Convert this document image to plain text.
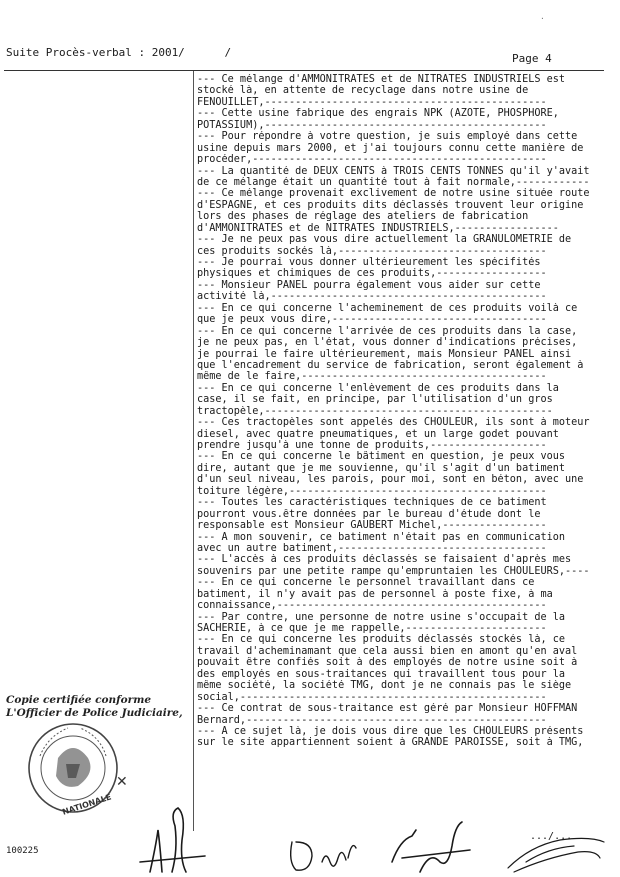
·
Suite Procès-verbal : 2001/      /	Page 4
--- Ce mélange d'AMMONITRATES et de NITRATES INDUSTRIELS est
stocké là, en attente de recyclage dans notre usine de
FENOUILLET,----------------------------------------------
--- Cette usine fabrique des engrais NPK (AZOTE, PHOSPHORE,
POTASSIUM),----------------------------------------------
--- Pour répondre à votre question, je suis employé dans cette
usine depuis mars 2000, et j'ai toujours connu cette manière de
procéder,------------------------------------------------
--- La quantité de DEUX CENTS à TROIS CENTS TONNES qu'il y'avait
de ce mélange était un quantité tout à fait normale,------------
--- Ce mélange provenait exclivement de notre usine située route
d'ESPAGNE, et ces produits dits déclassés trouvent leur origine
lors des phases de réglage des ateliers de fabrication
d'AMMONITRATES et de NITRATES INDUSTRIELS,-----------------
--- Je ne peux pas vous dire actuellement la GRANULOMETRIE de
ces produits sockés là,----------------------------------
--- Je pourrai vous donner ultérieurement les spécifités
physiques et chimiques de ces produits,------------------
--- Monsieur PANEL pourra également vous aider sur cette
activité là,---------------------------------------------
--- En ce qui concerne l'acheminement de ces produits voilà ce
que je peux vous dire,-----------------------------------
--- En ce qui concerne l'arrivée de ces produits dans la case,
je ne peux pas, en l'état, vous donner d'indications précises,
je pourrai le faire ultérieurement, mais Monsieur PANEL ainsi
que l'encadrement du service de fabrication, seront également à
même de le faire,----------------------------------------
--- En ce qui concerne l'enlèvement de ces produits dans la
case, il se fait, en principe, par l'utilisation d'un gros
tractopèle,-----------------------------------------------
--- Ces tractopèles sont appelés des CHOULEUR, ils sont à moteur
diesel, avec quatre pneumatiques, et un large godet pouvant
prendre jusqu'à une tonne de produits,-------------------
--- En ce qui concerne le bâtiment en question, je peux vous
dire, autant que je me souvienne, qu'il s'agit d'un batiment
d'un seul niveau, les parois, pour moi, sont en béton, avec une
toiture légère,------------------------------------------
--- Toutes les caractéristiques techniques de ce batiment
pourront vous.être données par le bureau d'étude dont le
responsable est Monsieur GAUBERT Michel,-----------------
--- A mon souvenir, ce batiment n'était pas en communication
avec un autre batiment,----------------------------------
--- L'accès à ces produits déclassés se faisaient d'après mes
souvenirs par une petite rampe qu'empruntaien les CHOULEURS,----
--- En ce qui concerne le personnel travaillant dans ce
batiment, il n'y avait pas de personnel à poste fixe, à ma
connaissance,--------------------------------------------
--- Par contre, une personne de notre usine s'occupait de la
SACHERIE, à ce que je me rappelle,-----------------------
--- En ce qui concerne les produits déclassés stockés là, ce
travail d'acheminamant que cela aussi bien en amont qu'en aval
pouvait être confiés soit à des employés de notre usine soit à
des employés en sous-traitances qui travaillent tous pour la
même société, la société TMG, dont je ne connais pas le siège
social,--------------------------------------------------
--- Ce contrat de sous-traitance est géré par Monsieur HOFFMAN
Bernard,-------------------------------------------------
--- A ce sujet là, je dois vous dire que les CHOULEURS présents
sur le site appartiennent soient à GRANDE PAROISSE, soit à TMG,
.../...
Copie certifiée conforme
L'Officier de Police Judiciaire,
✕
NATIONALE
100225
